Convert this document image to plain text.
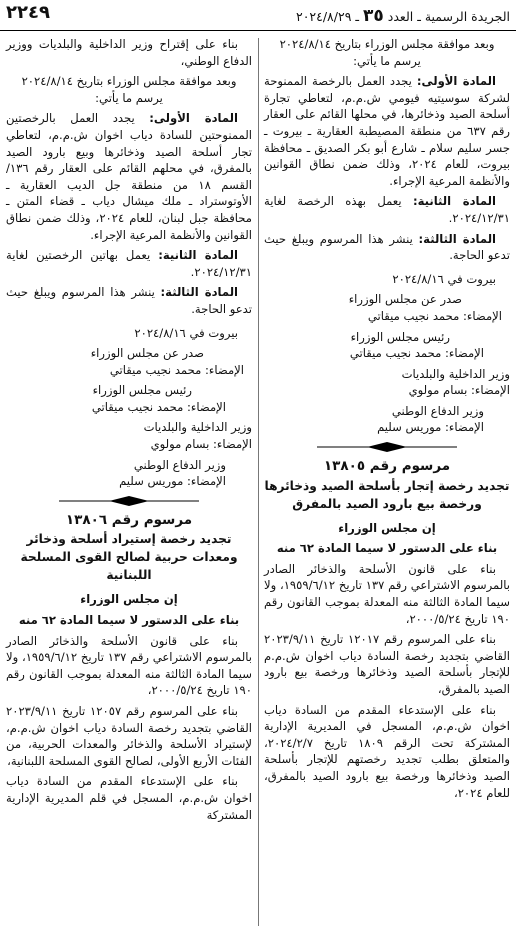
٢٢٤٩	الجريدة الرسمية ـ العدد ٣٥ ـ ٢٠٢٤/٨/٢٩

وبعد موافقة مجلس الوزراء بتاريخ ٢٠٢٤/٨/١٤

يرسم ما يأتي:

المادة الأولى: يجدد العمل بالرخصة الممنوحة لشركة سوسيتيه فيومي ش.م.م، لتعاطي تجارة أسلحة الصيد وذخائرها، في محلها القائم على العقار رقم ٦٣٧ من منطقة المصيطبة العقارية ـ بيروت ـ جسر سليم سلام ـ شارع أبو بكر الصديق ـ محافظة بيروت، للعام ٢٠٢٤، وذلك ضمن نطاق القوانين والأنظمة المرعية الإجراء.

المادة الثانية: يعمل بهذه الرخصة لغاية ٢٠٢٤/١٢/٣١.

المادة الثالثة: ينشر هذا المرسوم ويبلغ حيث تدعو الحاجة.

بيروت في ٢٠٢٤/٨/١٦

صدر عن مجلس الوزراء

الإمضاء: محمد نجيب ميقاتي

رئيس مجلس الوزراء

الإمضاء: محمد نجيب ميقاتي

وزير الداخلية والبلديات

الإمضاء: بسام مولوي

وزير الدفاع الوطني

الإمضاء: موريس سليم

مرسوم رقم ١٣٨٠٥

تجديد رخصة إتجار بأسلحة الصيد وذخائرها ورخصة بيع بارود الصيد بالمفرق

إن مجلس الوزراء

بناء على الدستور لا سيما المادة ٦٢ منه

بناء على قانون الأسلحة والذخائر الصادر بالمرسوم الاشتراعي رقم ١٣٧ تاريخ ١٩٥٩/٦/١٢، ولا سيما المادة الثالثة منه المعدلة بموجب القانون رقم ١٩٠ تاريخ ٢٠٠٠/٥/٢٤،

بناء على المرسوم رقم ١٢٠١٧ تاريخ ٢٠٢٣/٩/١١ القاضي بتجديد رخصة السادة دياب اخوان ش.م.م للإتجار بأسلحة الصيد وذخائرها ورخصة بيع بارود الصيد بالمفرق،

بناء على الإستدعاء المقدم من السادة دياب اخوان ش.م.م، المسجل في المديرية الإدارية المشتركة تحت الرقم ١٨٠٩ تاريخ ٢٠٢٤/٢/٧، والمتعلق بطلب تجديد رخصتهم للإتجار بأسلحة الصيد وذخائرها ورخصة بيع بارود الصيد بالمفرق، للعام ٢٠٢٤،

بناء على إقتراح وزير الداخلية والبلديات ووزير الدفاع الوطني،

وبعد موافقة مجلس الوزراء بتاريخ ٢٠٢٤/٨/١٤

يرسم ما يأتي:

المادة الأولى: يجدد العمل بالرخصتين الممنوحتين للسادة دياب اخوان ش.م.م، لتعاطي تجار أسلحة الصيد وذخائرها وبيع بارود الصيد بالمفرق، في محلهم القائم على العقار رقم ١٣٦/القسم ١٨ من منطقة جل الديب العقارية ـ الأوتوستراد ـ ملك ميشال دياب ـ قضاء المتن ـ محافظة جبل لبنان، للعام ٢٠٢٤، وذلك ضمن نطاق القوانين والأنظمة المرعية الإجراء.

المادة الثانية: يعمل بهاتين الرخصتين لغاية ٢٠٢٤/١٢/٣١.

المادة الثالثة: ينشر هذا المرسوم ويبلغ حيث تدعو الحاجة.

بيروت في ٢٠٢٤/٨/١٦

صدر عن مجلس الوزراء

الإمضاء: محمد نجيب ميقاتي

رئيس مجلس الوزراء

الإمضاء: محمد نجيب ميقاتي

وزير الداخلية والبلديات

الإمضاء: بسام مولوي

وزير الدفاع الوطني

الإمضاء: موريس سليم

مرسوم رقم ١٣٨٠٦

تجديد رخصة إستيراد أسلحة وذخائر ومعدات حربية لصالح القوى المسلحة اللبنانية

إن مجلس الوزراء

بناء على الدستور لا سيما المادة ٦٢ منه

بناء على قانون الأسلحة والذخائر الصادر بالمرسوم الاشتراعي رقم ١٣٧ تاريخ ١٩٥٩/٦/١٢، ولا سيما المادة الثالثة منه المعدلة بموجب القانون رقم ١٩٠ تاريخ ٢٠٠٠/٥/٢٤،

بناء على المرسوم رقم ١٢٠٥٧ تاريخ ٢٠٢٣/٩/١١ القاضي بتجديد رخصة السادة دياب اخوان ش.م.م، لإستيراد الأسلحة والذخائر والمعدات الحربية، من الفئات الأربع الأولى، لصالح القوى المسلحة اللبنانية،

بناء على الإستدعاء المقدم من السادة دياب اخوان ش.م.م، المسجل في قلم المديرية الإدارية المشتركة
